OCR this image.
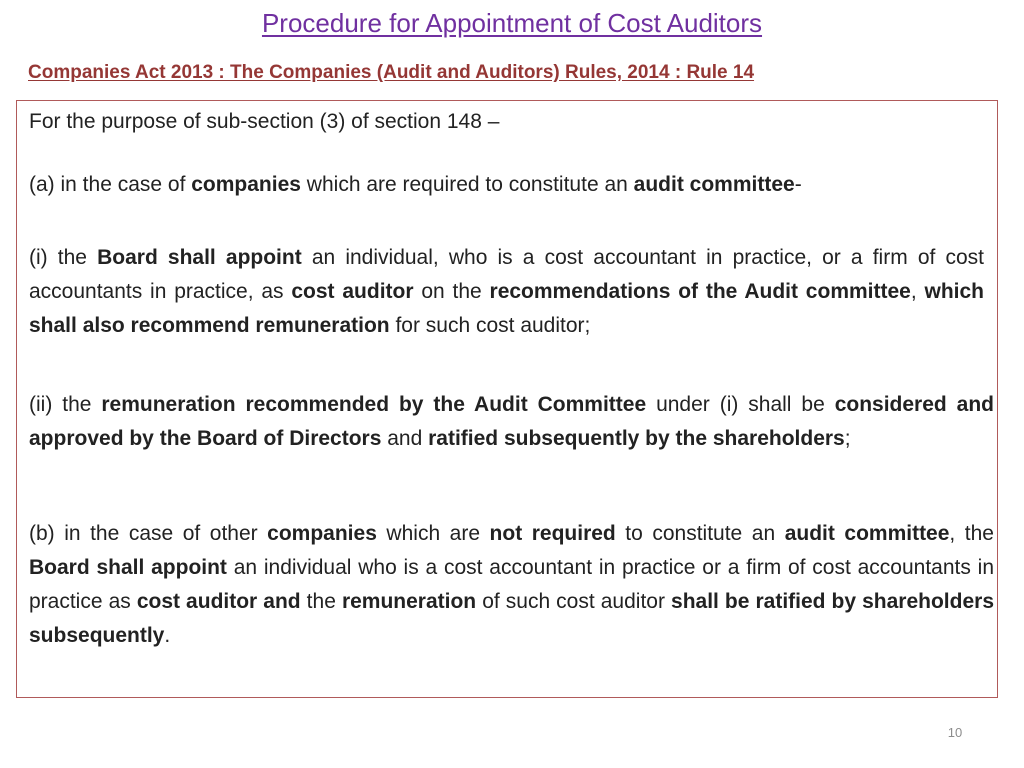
Procedure for Appointment of Cost Auditors
Companies Act 2013 : The Companies (Audit and Auditors) Rules, 2014 : Rule 14
For the purpose of sub-section (3) of section 148 –
(a) in the case of companies which are required to constitute an audit committee-
(i) the Board shall appoint an individual, who is a cost accountant in practice, or a firm of cost accountants in practice, as cost auditor on the recommendations of the Audit committee, which shall also recommend remuneration for such cost auditor;
(ii) the remuneration recommended by the Audit Committee under (i) shall be considered and approved by the Board of Directors and ratified subsequently by the shareholders;
(b) in the case of other companies which are not required to constitute an audit committee, the Board shall appoint an individual who is a cost accountant in practice or a firm of cost accountants in practice as cost auditor and the remuneration of such cost auditor shall be ratified by shareholders subsequently.
10
